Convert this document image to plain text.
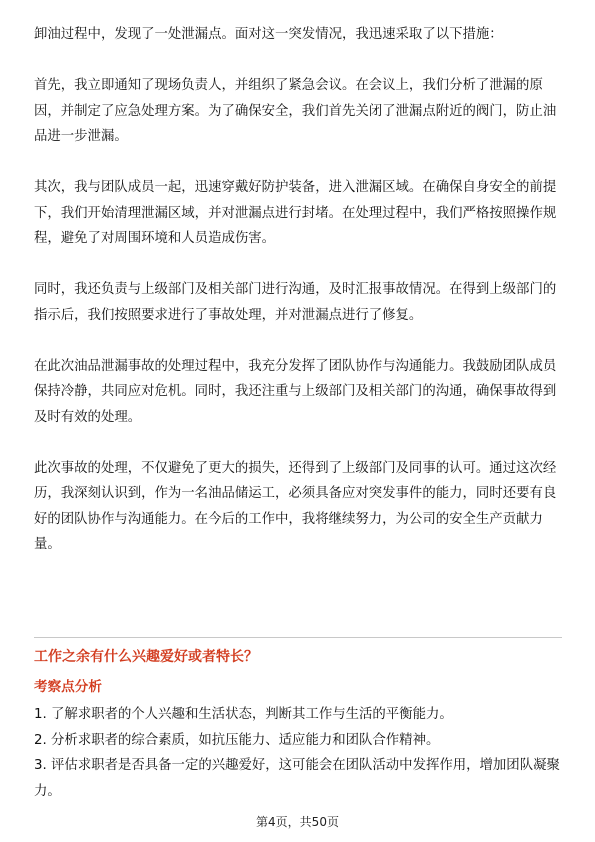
卸油过程中，发现了一处泄漏点。面对这一突发情况，我迅速采取了以下措施：

首先，我立即通知了现场负责人，并组织了紧急会议。在会议上，我们分析了泄漏的原因，并制定了应急处理方案。为了确保安全，我们首先关闭了泄漏点附近的阀门，防止油品进一步泄漏。

其次，我与团队成员一起，迅速穿戴好防护装备，进入泄漏区域。在确保自身安全的前提下，我们开始清理泄漏区域，并对泄漏点进行封堵。在处理过程中，我们严格按照操作规程，避免了对周围环境和人员造成伤害。

同时，我还负责与上级部门及相关部门进行沟通，及时汇报事故情况。在得到上级部门的指示后，我们按照要求进行了事故处理，并对泄漏点进行了修复。

在此次油品泄漏事故的处理过程中，我充分发挥了团队协作与沟通能力。我鼓励团队成员保持冷静，共同应对危机。同时，我还注重与上级部门及相关部门的沟通，确保事故得到及时有效的处理。

此次事故的处理，不仅避免了更大的损失，还得到了上级部门及同事的认可。通过这次经历，我深刻认识到，作为一名油品储运工，必须具备应对突发事件的能力，同时还要有良好的团队协作与沟通能力。在今后的工作中，我将继续努力，为公司的安全生产贡献力量。

工作之余有什么兴趣爱好或者特长？
考察点分析
1. 了解求职者的个人兴趣和生活状态，判断其工作与生活的平衡能力。
2. 分析求职者的综合素质，如抗压能力、适应能力和团队合作精神。
3. 评估求职者是否具备一定的兴趣爱好，这可能会在团队活动中发挥作用，增加团队凝聚力。
第4页，共50页
